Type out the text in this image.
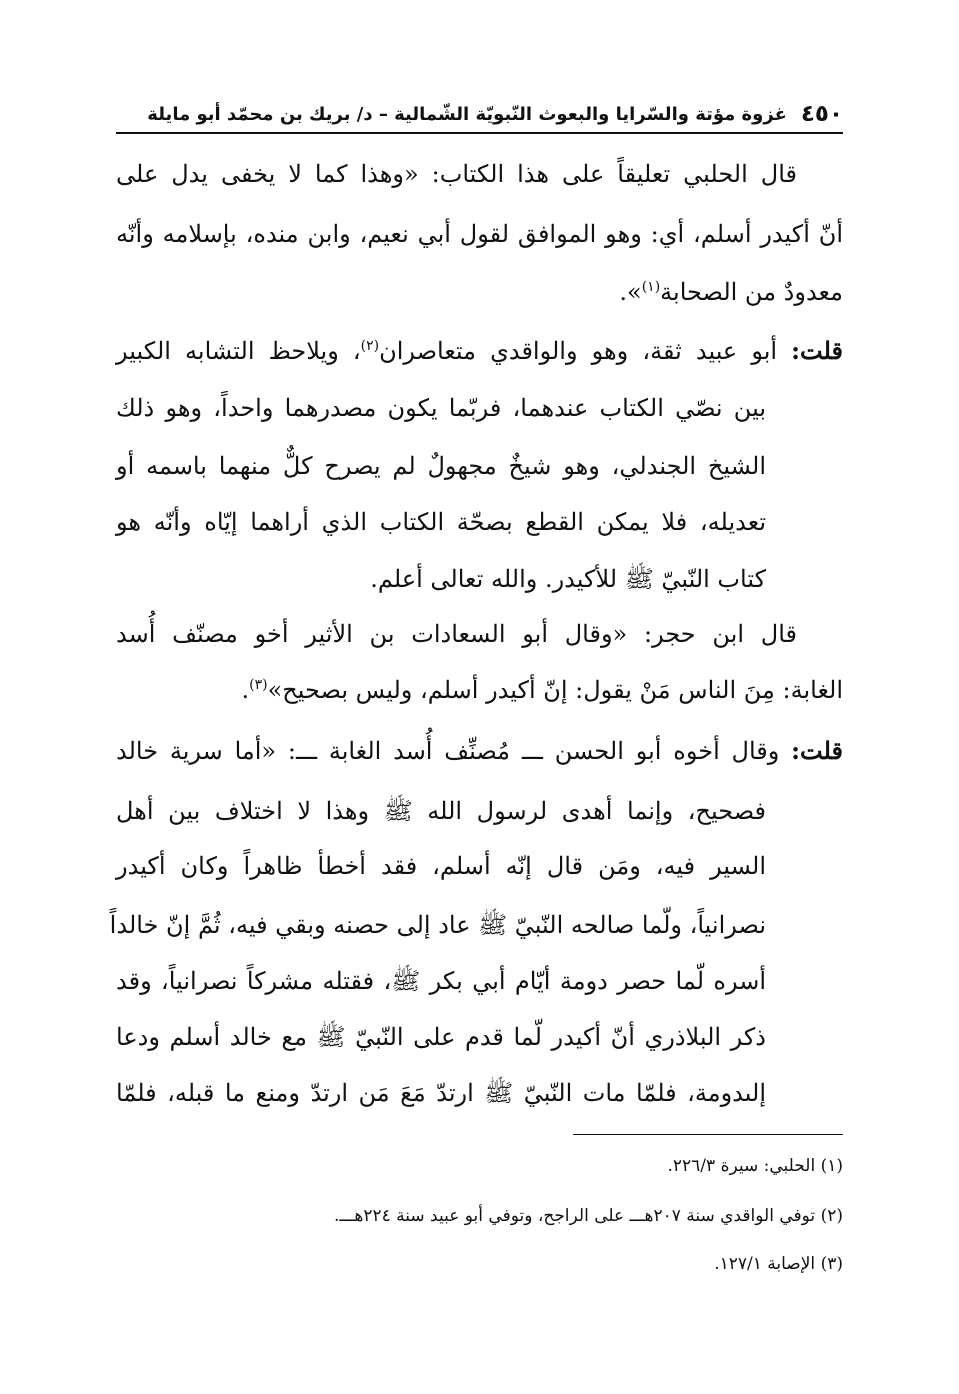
٤٥٠
غزوة مؤتة والسّرايا والبعوث النّبويّة الشّمالية – د/ بريك بن محمّد أبو مايلة
قال الحلبي تعليقاً على هذا الكتاب: «وهذا كما لا يخفى يدل على
أنّ أكيدر أسلم، أي: وهو الموافق لقول أبي نعيم، وابن منده، بإسلامه وأنّه
معدودٌ من الصحابة$^{(١)}$».
قلت: أبو عبيد ثقة، وهو والواقدي متعاصران$^{(٢)}$، ويلاحظ التشابه الكبير
بين نصّي الكتاب عندهما، فربّما يكون مصدرهما واحداً، وهو ذلك
الشيخ الجندلي، وهو شيخٌ مجهولٌ لم يصرح كلٌّ منهما باسمه أو
تعديله، فلا يمكن القطع بصحّة الكتاب الذي أراهما إيّاه وأنّه هو
كتاب النّبيّ ﷺ للأكيدر. والله تعالى أعلم.
قال ابن حجر: «وقال أبو السعادات بن الأثير أخو مصنّف أُسد
الغابة: مِنَ الناس مَنْ يقول: إنّ أكيدر أسلم، وليس بصحيح»$^{(٣)}$.
قلت: وقال أخوه أبو الحسن ـــ مُصنِّف أُسد الغابة ـــ: «أما سرية خالد
فصحيح، وإنما أهدى لرسول الله ﷺ وهذا لا اختلاف بين أهل
السير فيه، ومَن قال إنّه أسلم، فقد أخطأ ظاهراً وكان أكيدر
نصرانياً، ولّما صالحه النّبيّ ﷺ عاد إلى حصنه وبقي فيه، ثُمَّ إنّ خالداً
أسره لّما حصر دومة أيّام أبي بكر ﷺ، فقتله مشركاً نصرانياً، وقد
ذكر البلاذري أنّ أكيدر لّما قدم على النّبيّ ﷺ مع خالد أسلم ودعا
إلىدومة، فلمّا مات النّبيّ ﷺ ارتدّ مَعَ مَن ارتدّ ومنع ما قبله، فلمّا
(١) الحلبي: سيرة ٢٢٦/٣.
(٢) توفي الواقدي سنة ٢٠٧هـــ على الراجح، وتوفي أبو عبيد سنة ٢٢٤هـــ.
(٣) الإصابة ١٢٧/١.
